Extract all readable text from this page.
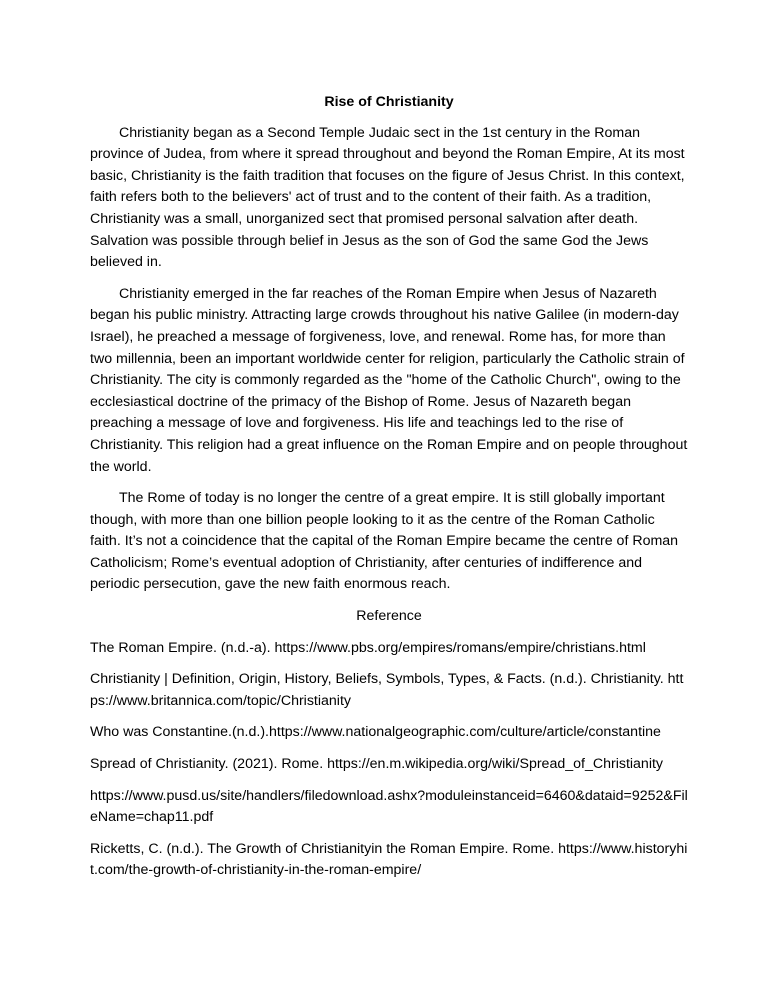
Rise of Christianity

Christianity began as a Second Temple Judaic sect in the 1st century in the Roman province of Judea, from where it spread throughout and beyond the Roman Empire, At its most basic, Christianity is the faith tradition that focuses on the figure of Jesus Christ. In this context, faith refers both to the believers' act of trust and to the content of their faith. As a tradition, Christianity was a small, unorganized sect that promised personal salvation after death. Salvation was possible through belief in Jesus as the son of God the same God the Jews believed in.

Christianity emerged in the far reaches of the Roman Empire when Jesus of Nazareth began his public ministry. Attracting large crowds throughout his native Galilee (in modern-day Israel), he preached a message of forgiveness, love, and renewal. Rome has, for more than two millennia, been an important worldwide center for religion, particularly the Catholic strain of Christianity. The city is commonly regarded as the "home of the Catholic Church", owing to the ecclesiastical doctrine of the primacy of the Bishop of Rome. Jesus of Nazareth began preaching a message of love and forgiveness. His life and teachings led to the rise of Christianity. This religion had a great influence on the Roman Empire and on people throughout the world.

The Rome of today is no longer the centre of a great empire. It is still globally important though, with more than one billion people looking to it as the centre of the Roman Catholic faith. It’s not a coincidence that the capital of the Roman Empire became the centre of Roman Catholicism; Rome’s eventual adoption of Christianity, after centuries of indifference and periodic persecution, gave the new faith enormous reach.

Reference

The Roman Empire. (n.d.-a). https://www.pbs.org/empires/romans/empire/christians.html

Christianity | Definition, Origin, History, Beliefs, Symbols, Types, & Facts. (n.d.). Christianity. https://www.britannica.com/topic/Christianity

Who was Constantine.(n.d.).https://www.nationalgeographic.com/culture/article/constantine

Spread of Christianity. (2021). Rome. https://en.m.wikipedia.org/wiki/Spread_of_Christianity

https://www.pusd.us/site/handlers/filedownload.ashx?moduleinstanceid=6460&dataid=9252&FileName=chap11.pdf

Ricketts, C. (n.d.). The Growth of Christianityin the Roman Empire. Rome. https://www.historyhit.com/the-growth-of-christianity-in-the-roman-empire/
